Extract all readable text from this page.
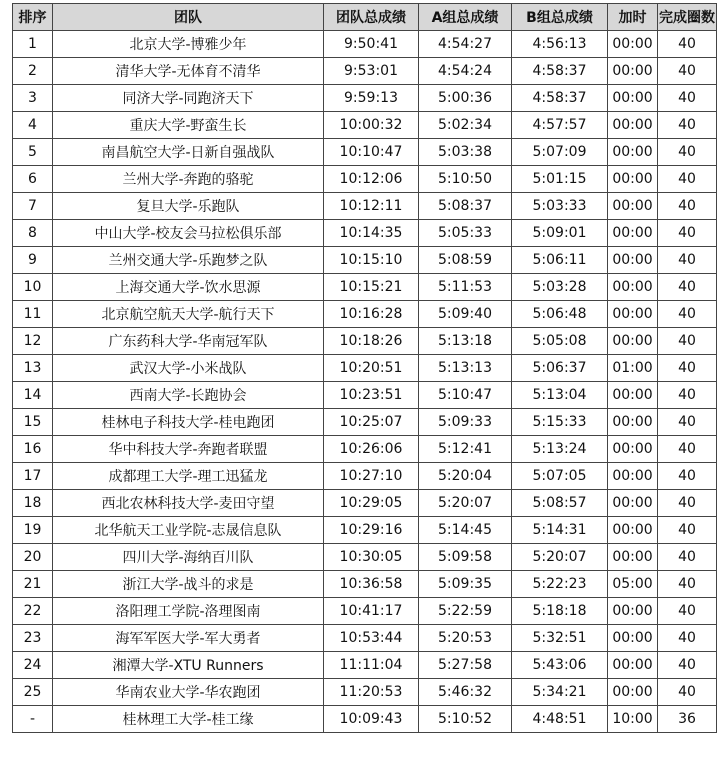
排序	团队	团队总成绩	A组总成绩	B组总成绩	加时	完成圈数
1	北京大学-博雅少年	9:50:41	4:54:27	4:56:13	00:00	40
2	清华大学-无体育不清华	9:53:01	4:54:24	4:58:37	00:00	40
3	同济大学-同跑济天下	9:59:13	5:00:36	4:58:37	00:00	40
4	重庆大学-野蛮生长	10:00:32	5:02:34	4:57:57	00:00	40
5	南昌航空大学-日新自强战队	10:10:47	5:03:38	5:07:09	00:00	40
6	兰州大学-奔跑的骆驼	10:12:06	5:10:50	5:01:15	00:00	40
7	复旦大学-乐跑队	10:12:11	5:08:37	5:03:33	00:00	40
8	中山大学-校友会马拉松俱乐部	10:14:35	5:05:33	5:09:01	00:00	40
9	兰州交通大学-乐跑梦之队	10:15:10	5:08:59	5:06:11	00:00	40
10	上海交通大学-饮水思源	10:15:21	5:11:53	5:03:28	00:00	40
11	北京航空航天大学-航行天下	10:16:28	5:09:40	5:06:48	00:00	40
12	广东药科大学-华南冠军队	10:18:26	5:13:18	5:05:08	00:00	40
13	武汉大学-小米战队	10:20:51	5:13:13	5:06:37	01:00	40
14	西南大学-长跑协会	10:23:51	5:10:47	5:13:04	00:00	40
15	桂林电子科技大学-桂电跑团	10:25:07	5:09:33	5:15:33	00:00	40
16	华中科技大学-奔跑者联盟	10:26:06	5:12:41	5:13:24	00:00	40
17	成都理工大学-理工迅猛龙	10:27:10	5:20:04	5:07:05	00:00	40
18	西北农林科技大学-麦田守望	10:29:05	5:20:07	5:08:57	00:00	40
19	北华航天工业学院-志晟信息队	10:29:16	5:14:45	5:14:31	00:00	40
20	四川大学-海纳百川队	10:30:05	5:09:58	5:20:07	00:00	40
21	浙江大学-战斗的求是	10:36:58	5:09:35	5:22:23	05:00	40
22	洛阳理工学院-洛理图南	10:41:17	5:22:59	5:18:18	00:00	40
23	海军军医大学-军大勇者	10:53:44	5:20:53	5:32:51	00:00	40
24	湘潭大学-XTU Runners	11:11:04	5:27:58	5:43:06	00:00	40
25	华南农业大学-华农跑团	11:20:53	5:46:32	5:34:21	00:00	40
-	桂林理工大学-桂工缘	10:09:43	5:10:52	4:48:51	10:00	36
